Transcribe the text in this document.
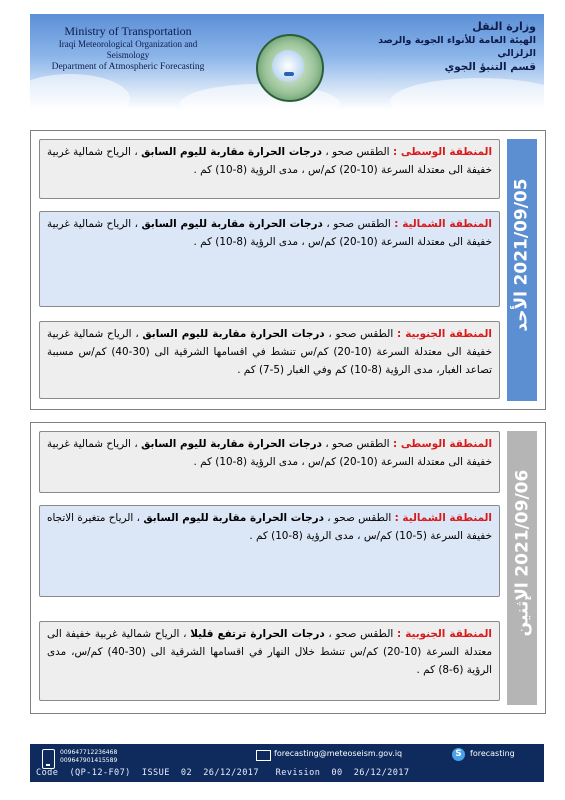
Ministry of Transportation
Iraqi Meteorological Organization and Seismology
Department of Atmospheric Forecasting
وزارة النقل
الهيئة العامة للأنواء الجوية والرصد الزلزالي
قسم التنبؤ الجوي
2021/09/05 الأحد
المنطقة الوسطى : الطقس صحو ، درجات الحرارة مقاربة لليوم السابق ، الرياح شمالية غربية خفيفة الى معتدلة السرعة (10-20) كم/س ، مدى الرؤية (8-10) كم .
المنطقة الشمالية : الطقس صحو ، درجات الحرارة مقاربة لليوم السابق ، الرياح شمالية غربية خفيفة الى معتدلة السرعة (10-20) كم/س ، مدى الرؤية (8-10) كم .
المنطقة الجنوبية : الطقس صحو ، درجات الحرارة مقاربة لليوم السابق ، الرياح شمالية غربية خفيفة الى معتدلة السرعة (10-20) كم/س تنشط في اقسامها الشرقية الى (30-40) كم/س مسببة تصاعد الغبار، مدى الرؤية (8-10) كم وفي الغبار (5-7) كم .
2021/09/06 الإثنين
المنطقة الوسطى : الطقس صحو ، درجات الحرارة مقاربة لليوم السابق ، الرياح شمالية غربية خفيفة الى معتدلة السرعة (10-20) كم/س ، مدى الرؤية (8-10) كم .
المنطقة الشمالية : الطقس صحو ، درجات الحرارة مقاربة لليوم السابق ، الرياح متغيرة الاتجاه خفيفة السرعة (5-10) كم/س ، مدى الرؤية (8-10) كم .
المنطقة الجنوبية : الطقس صحو ، درجات الحرارة ترتفع قليلا ، الرياح شمالية غربية خفيفة الى معتدلة السرعة (10-20) كم/س تنشط خلال النهار في اقسامها الشرقية الى (30-40) كم/س، مدى الرؤية (6-8) كم .
009647712236468
009647901415589
forecasting@meteoseism.gov.iq	S	forecasting
Code  (QP-12-F07)  ISSUE  02  26/12/2017   Revision  00  26/12/2017
